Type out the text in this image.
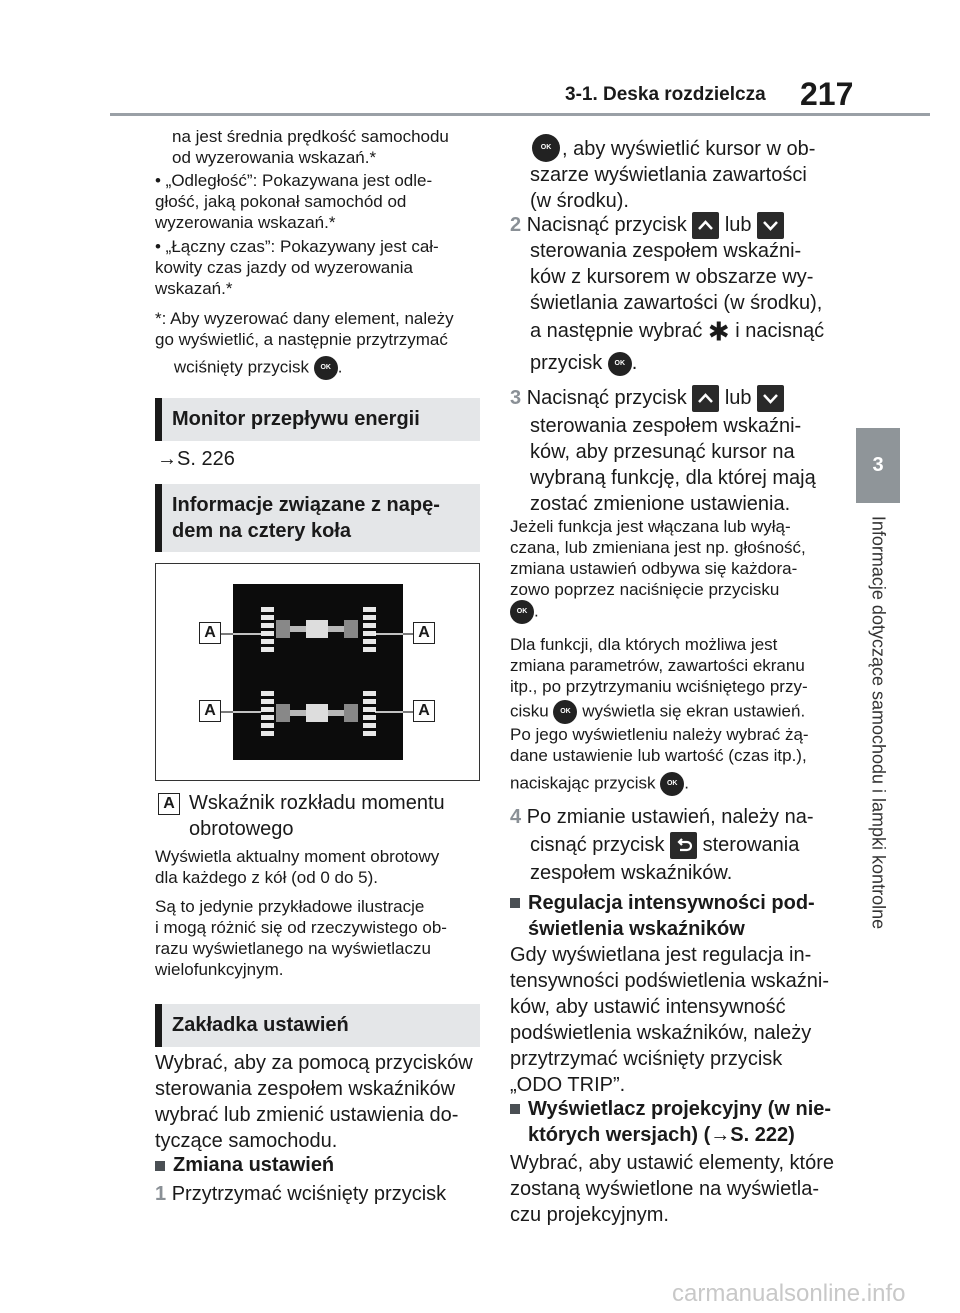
3-1. Deska rozdzielcza 217
3
Informacje dotyczące samochodu i lampki kontrolne
na jest średnia prędkość samochodu
od wyzerowania wskazań.*
• „Odległość”: Pokazywana jest odle-
głość, jaką pokonał samochód od
wyzerowania wskazań.*
• „Łączny czas”: Pokazywany jest cał-
kowity czas jazdy od wyzerowania
wskazań.*
*: Aby wyzerować dany element, należy
go wyświetlić, a następnie przytrzymać
wciśnięty przycisk OK .
Monitor przepływu energii
→S. 226
Informacje związane z napę-
dem na cztery koła
A	A
A	A
A Wskaźnik rozkładu momentu
obrotowego
Wyświetla aktualny moment obrotowy
dla każdego z kół (od 0 do 5).
Są to jedynie przykładowe ilustracje
i mogą różnić się od rzeczywistego ob-
razu wyświetlanego na wyświetlaczu
wielofunkcyjnym.
Zakładka ustawień
Wybrać, aby za pomocą przycisków
sterowania zespołem wskaźników
wybrać lub zmienić ustawienia do-
tyczące samochodu.
Zmiana ustawień
1 Przytrzymać wciśnięty przycisk
OK , aby wyświetlić kursor w ob-
szarze wyświetlania zawartości
(w środku).
2 Nacisnąć przycisk lub
sterowania zespołem wskaźni-
ków z kursorem w obszarze wy-
świetlania zawartości (w środku),
a następnie wybrać ✱ i nacisnąć
przycisk OK .
3 Nacisnąć przycisk lub
sterowania zespołem wskaźni-
ków, aby przesunąć kursor na
wybraną funkcję, dla której mają
zostać zmienione ustawienia.
Jeżeli funkcja jest włączana lub wyłą-
czana, lub zmieniana jest np. głośność,
zmiana ustawień odbywa się każdora-
zowo poprzez naciśnięcie przycisku
OK .
Dla funkcji, dla których możliwa jest
zmiana parametrów, zawartości ekranu
itp., po przytrzymaniu wciśniętego przy-
cisku OK wyświetla się ekran ustawień.
Po jego wyświetleniu należy wybrać żą-
dane ustawienie lub wartość (czas itp.),
naciskając przycisk OK .
4 Po zmianie ustawień, należy na-
cisnąć przycisk sterowania
zespołem wskaźników.
Regulacja intensywności pod-
świetlenia wskaźników
Gdy wyświetlana jest regulacja in-
tensywności podświetlenia wskaźni-
ków, aby ustawić intensywność
podświetlenia wskaźników, należy
przytrzymać wciśnięty przycisk
„ODO TRIP”.
Wyświetlacz projekcyjny (w nie-
których wersjach) (→S. 222)
Wybrać, aby ustawić elementy, które
zostaną wyświetlone na wyświetla-
czu projekcyjnym.
carmanualsonline.info
